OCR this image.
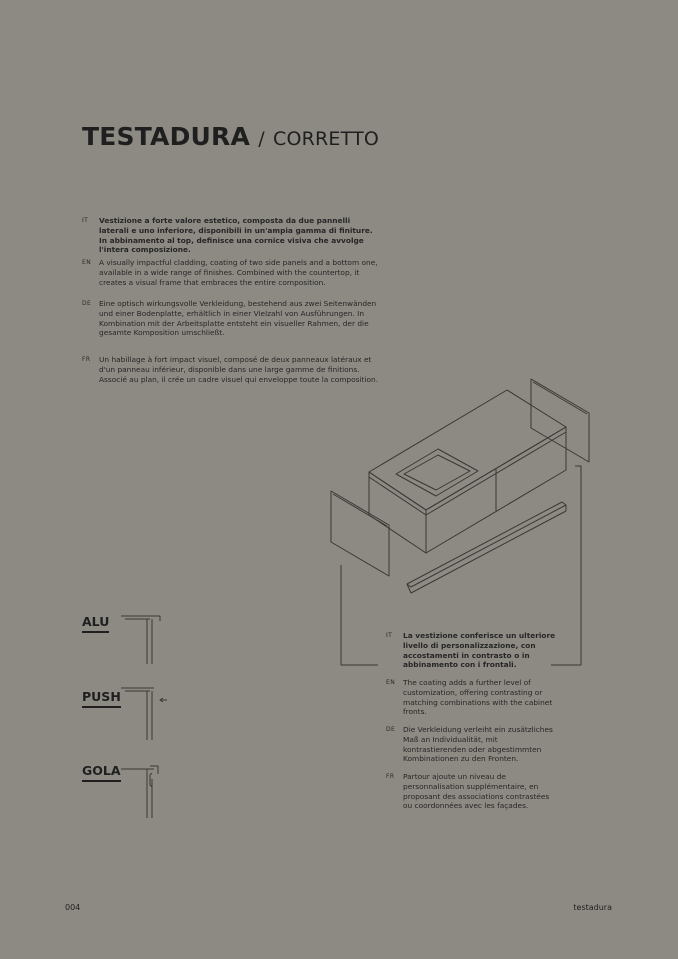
TESTADURA / CORRETTO
IT Vestizione a forte valore estetico, composta da due pannelli laterali e uno inferiore, disponibili in un'ampia gamma di finiture. In abbinamento al top, definisce una cornice visiva che avvolge l'intera composizione.
EN A visually impactful cladding, coating of two side panels and a bottom one, available in a wide range of finishes. Combined with the countertop, it creates a visual frame that embraces the entire composition.
DE Eine optisch wirkungsvolle Verkleidung, bestehend aus zwei Seitenwänden und einer Bodenplatte, erhältlich in einer Vielzahl von Ausführungen. In Kombination mit der Arbeitsplatte entsteht ein visueller Rahmen, der die gesamte Komposition umschließt.
FR Un habillage à fort impact visuel, composé de deux panneaux latéraux et d'un panneau inférieur, disponible dans une large gamme de finitions. Associé au plan, il crée un cadre visuel qui enveloppe toute la composition.
ALU
PUSH
GOLA
IT La vestizione conferisce un ulteriore livello di personalizzazione, con accostamenti in contrasto o in abbinamento con i frontali.
EN The coating adds a further level of customization, offering contrasting or matching combinations with the cabinet fronts.
DE Die Verkleidung verleiht ein zusätzliches Maß an Individualität, mit kontrastierenden oder abgestimmten Kombinationen zu den Fronten.
FR Partour ajoute un niveau de personnalisation supplémentaire, en proposant des associations contrastées ou coordonnées avec les façades.
004	testadura
